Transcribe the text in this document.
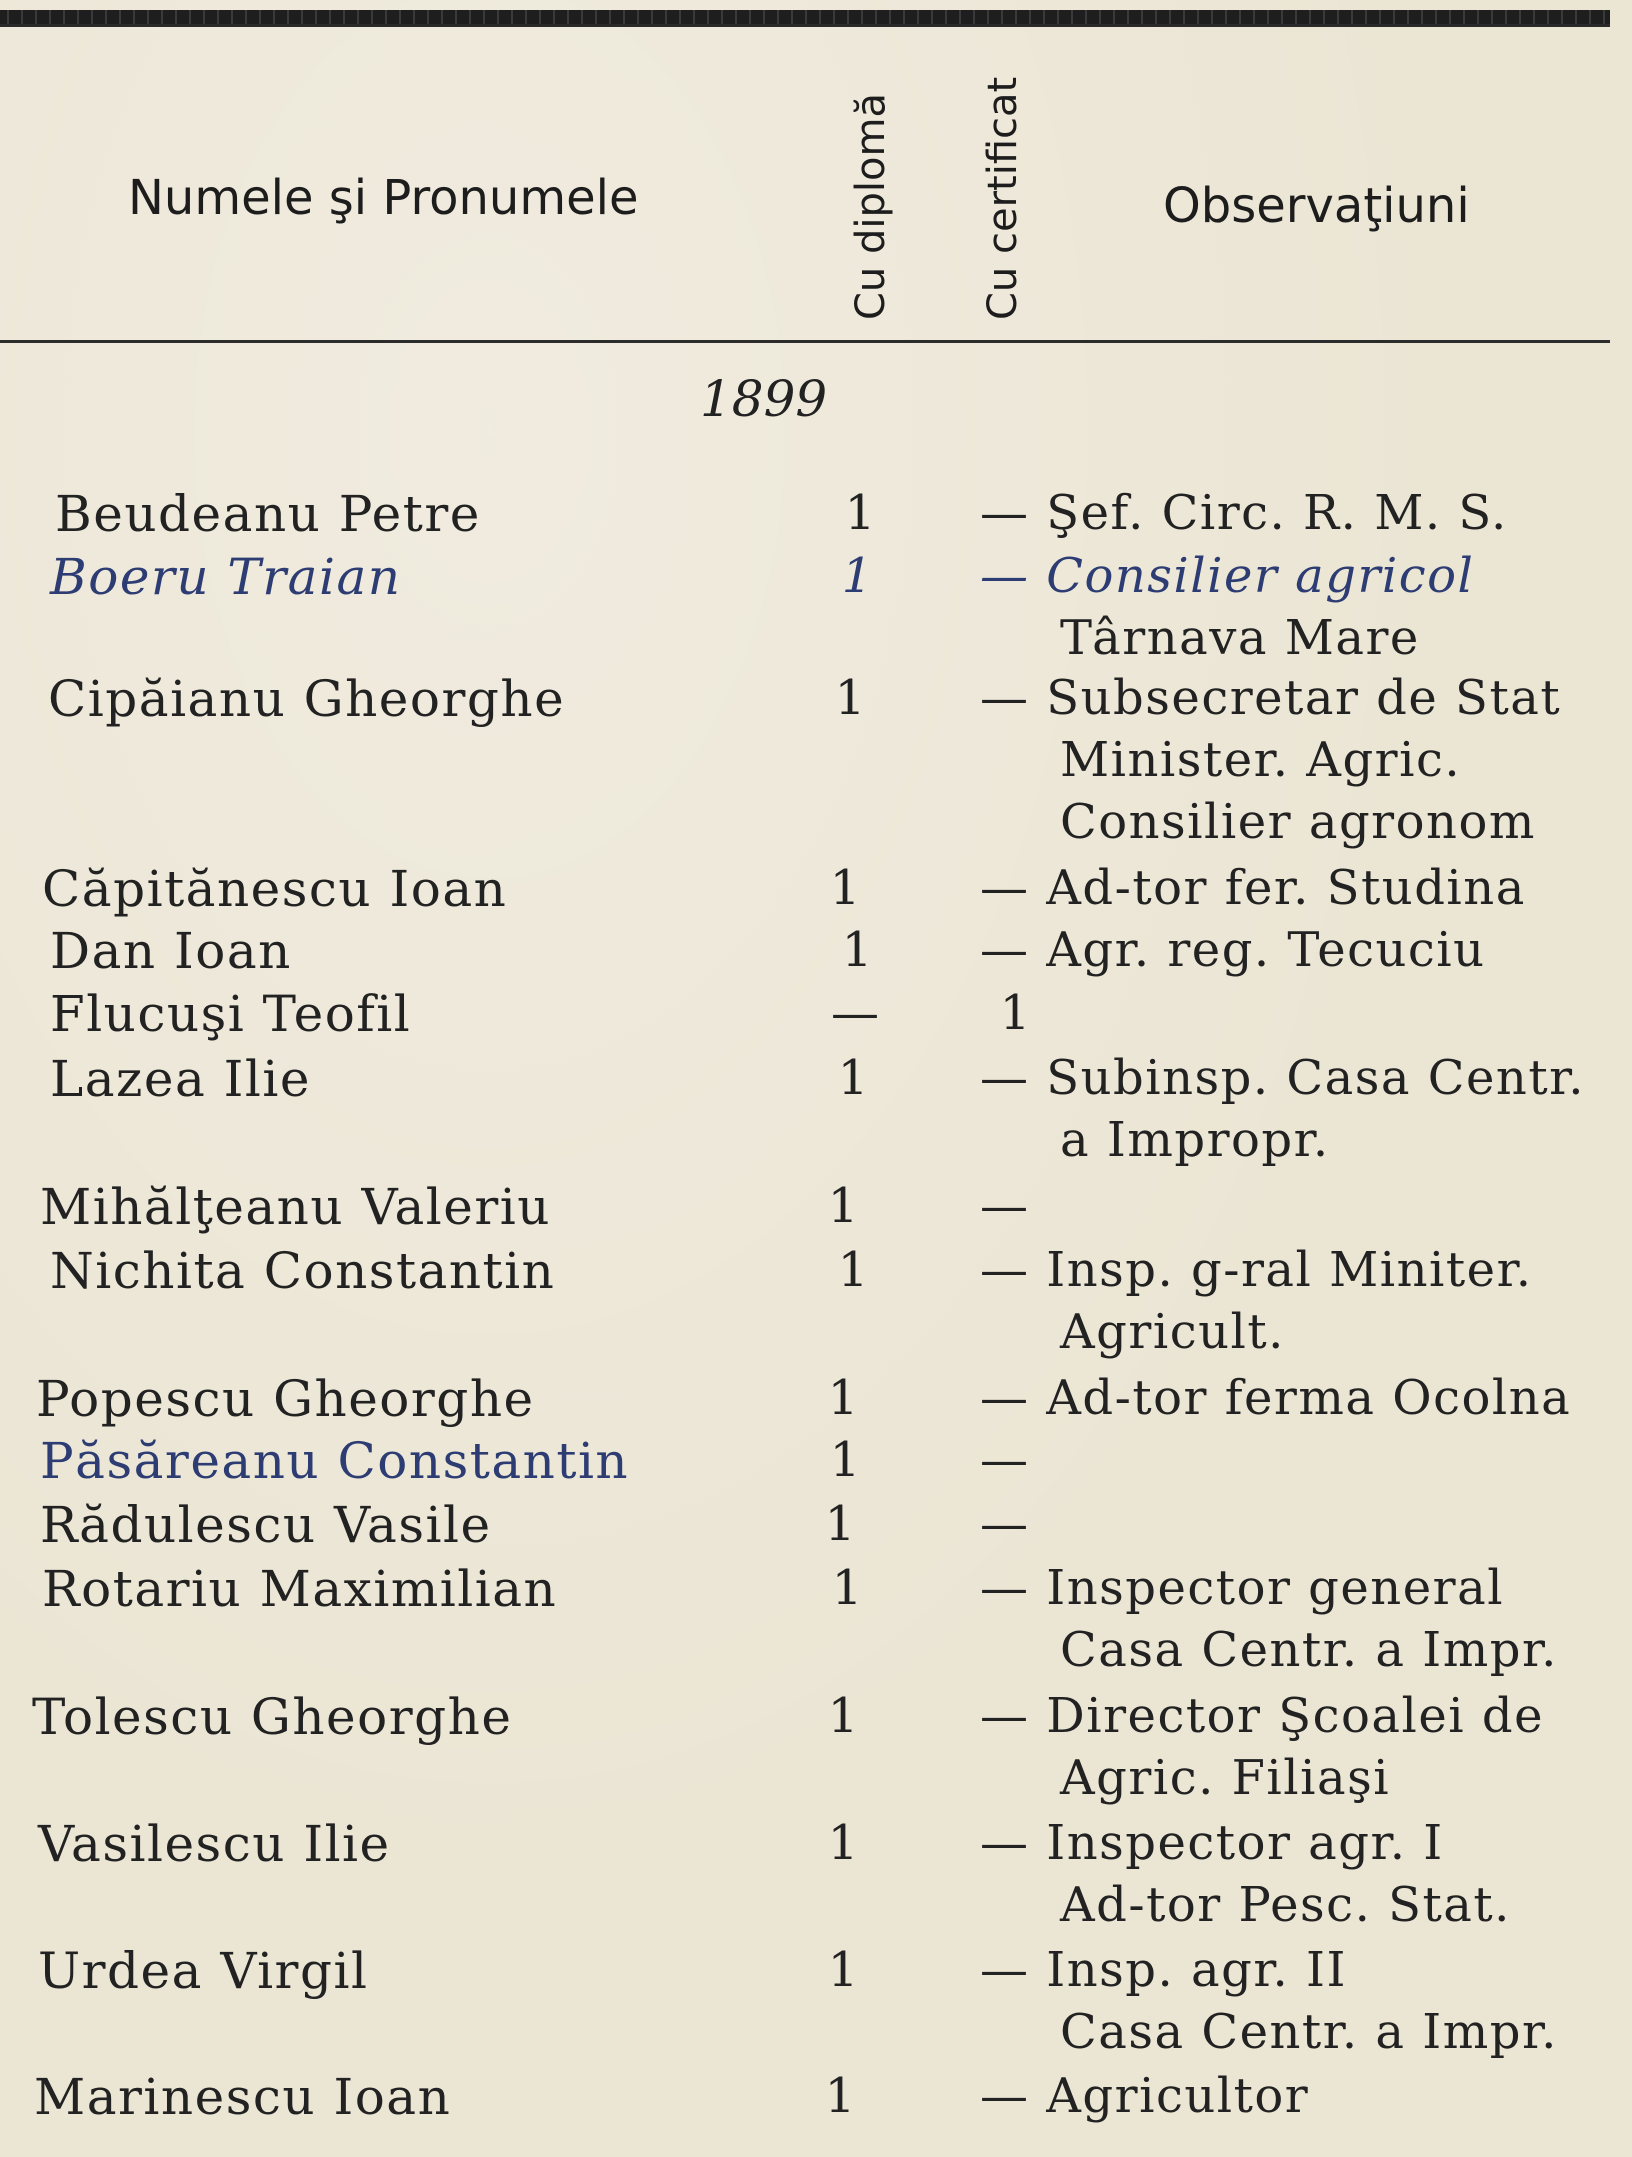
Numele şi Pronumele	Cu diplomă Cu certificat	Observaţiuni
1899
Beudeanu Petre	1	— Şef. Circ. R. M. S.
Boeru Traian	1	— Consilier agricol
Târnava Mare
Cipăianu Gheorghe	1	— Subsecretar de Stat
Minister. Agric.
Consilier agronom
Căpitănescu Ioan	1	— Ad-tor fer. Studina
Dan Ioan	1	— Agr. reg. Tecuciu
Flucuşi Teofil	—	1
Lazea Ilie	1	— Subinsp. Casa Centr.
a Impropr.
Mihălţeanu Valeriu	1	—
Nichita Constantin	1	— Insp. g-ral Miniter.
Agricult.
Popescu Gheorghe	1	— Ad-tor ferma Ocolna
Păsăreanu Constantin	1	—
Rădulescu Vasile	1	—
Rotariu Maximilian	1	— Inspector general
Casa Centr. a Impr.
Tolescu Gheorghe	1	— Director Şcoalei de
Agric. Filiaşi
Vasilescu Ilie	1	— Inspector agr. I
Ad-tor Pesc. Stat.
Urdea Virgil	1	— Insp. agr. II
Casa Centr. a Impr.
Marinescu Ioan	1	— Agricultor
